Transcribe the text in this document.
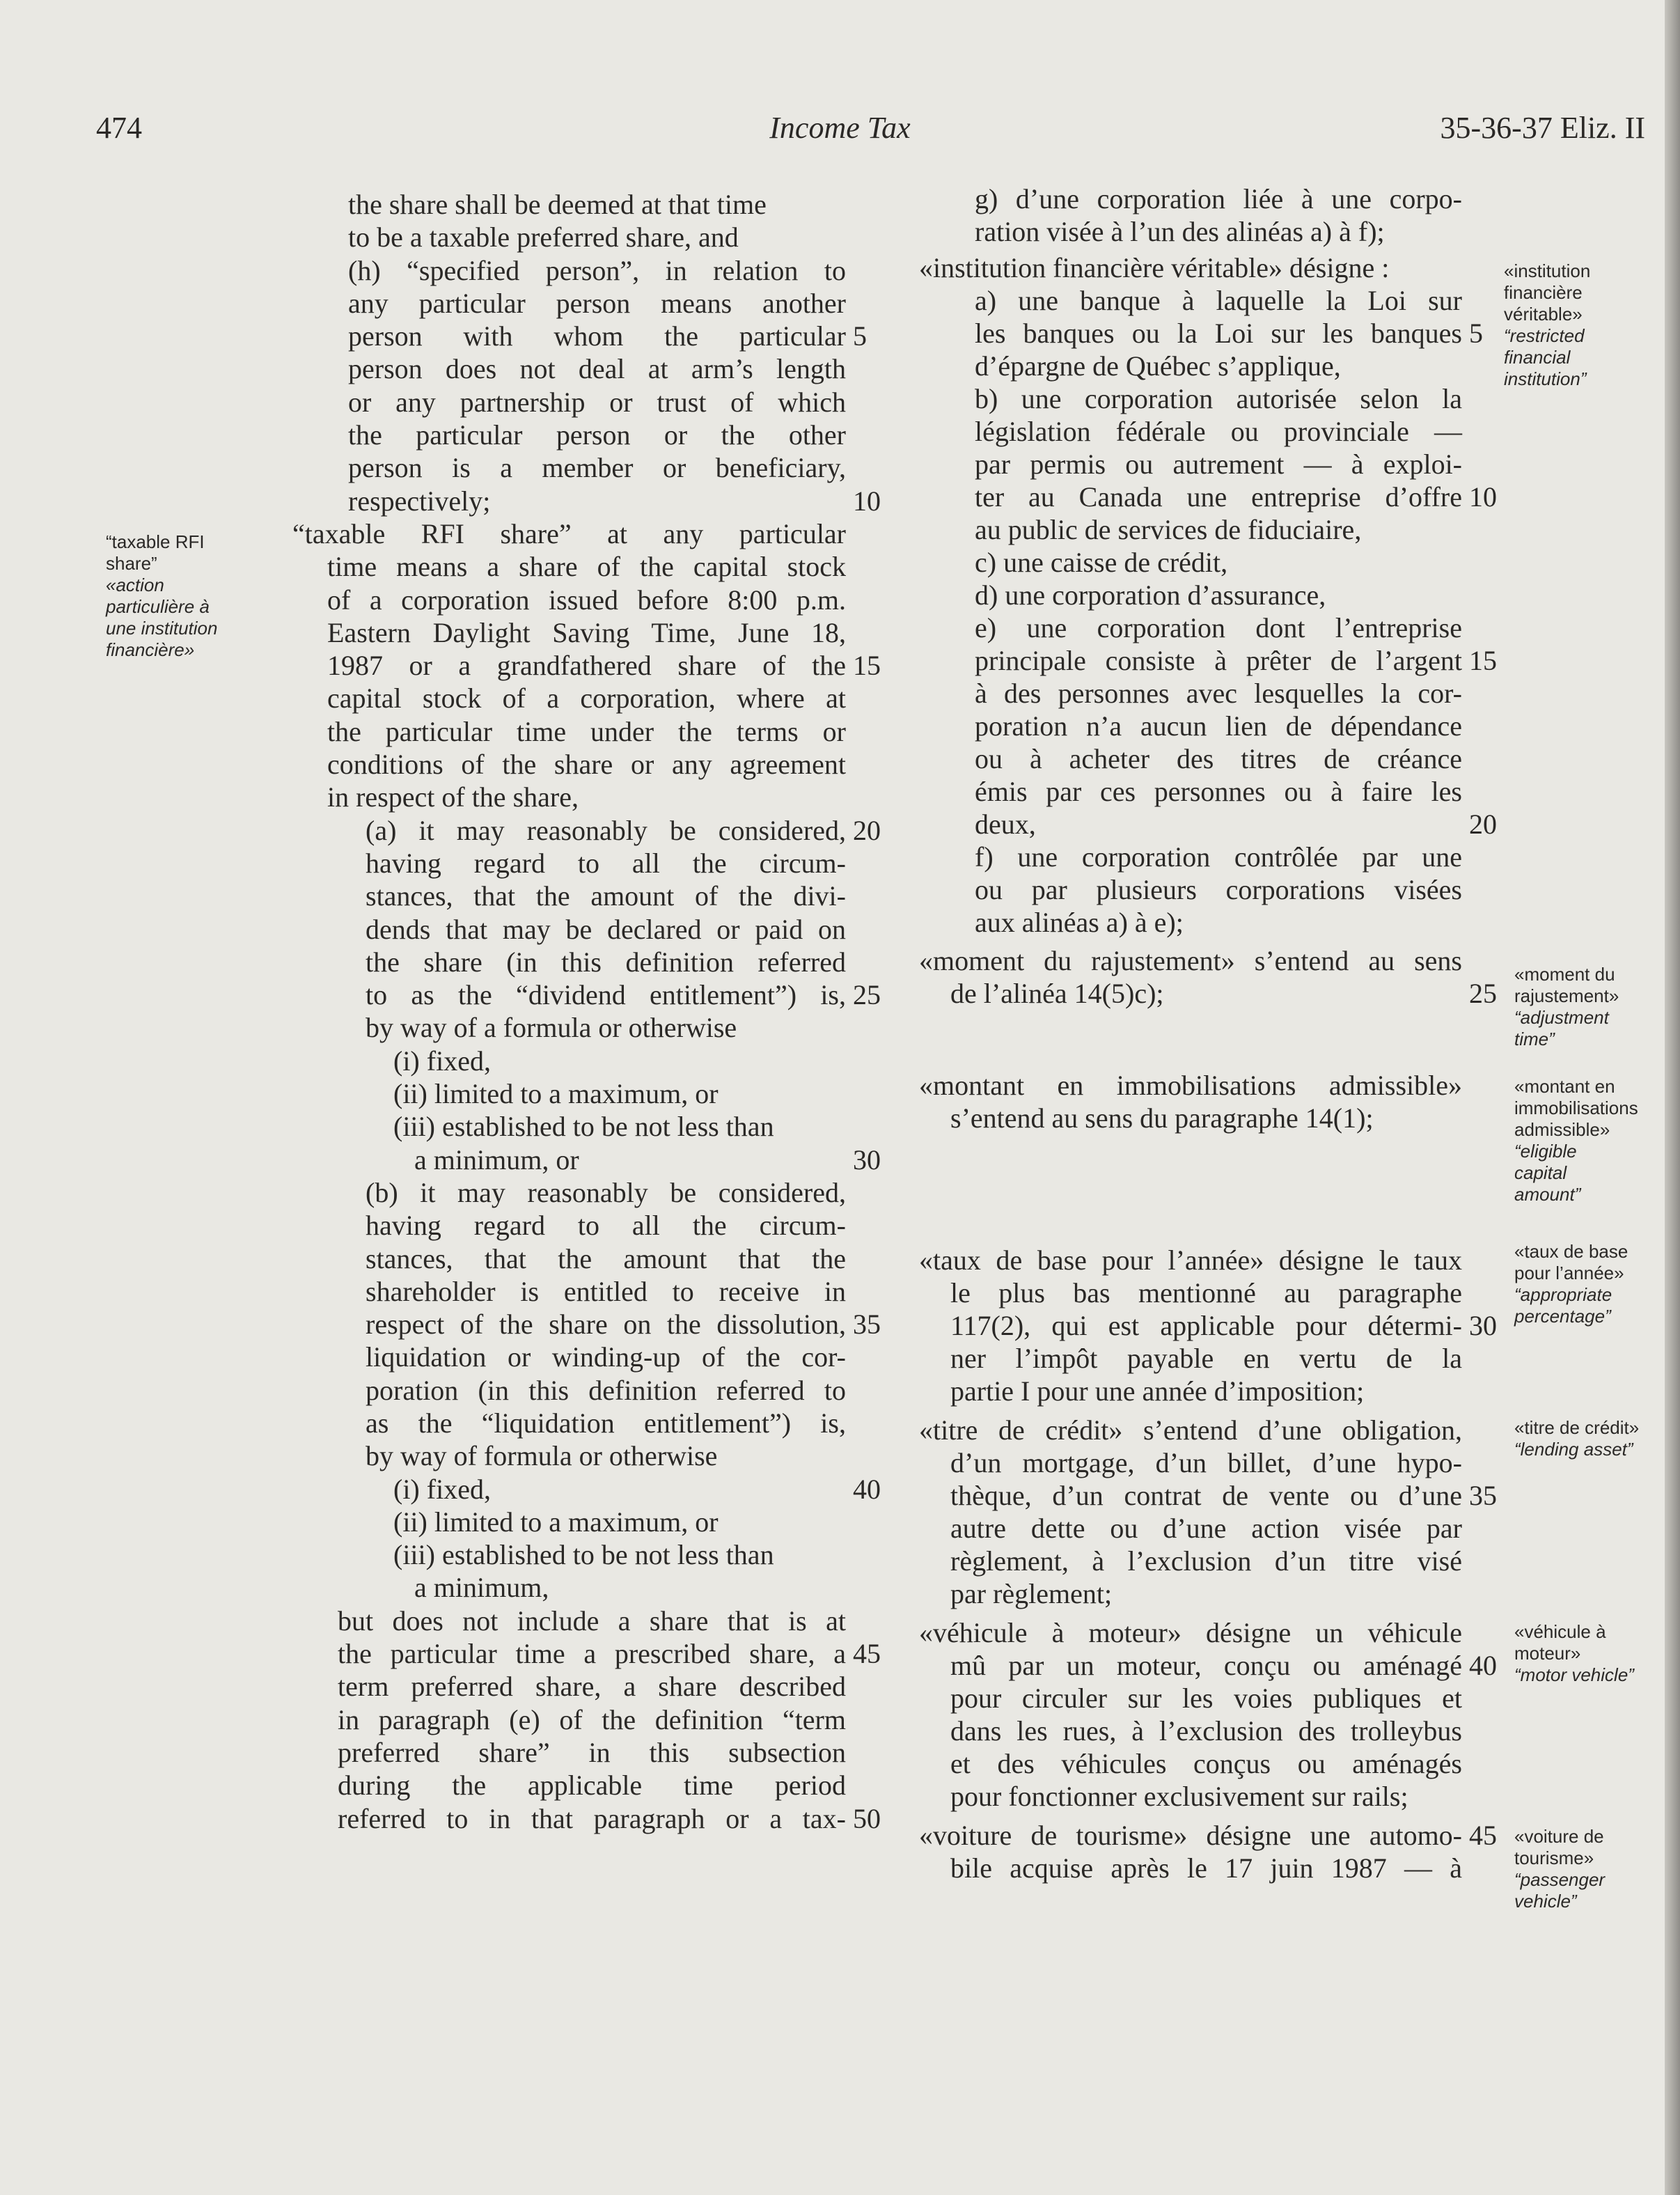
474	Income Tax	35-36-37 Eliz. II
the share shall be deemed at that time
to be a taxable preferred share, and
(h) “specified person”, in relation to
any particular person means another
person with whom the particular 5
person does not deal at arm’s length
or any partnership or trust of which
the particular person or the other
person is a member or beneficiary,
respectively;	10
“taxable RFI share” at any particular
time means a share of the capital stock
of a corporation issued before 8:00 p.m.
Eastern Daylight Saving Time, June 18,
1987 or a grandfathered share of the 15
capital stock of a corporation, where at
the particular time under the terms or
conditions of the share or any agreement
in respect of the share,
(a) it may reasonably be considered, 20
having regard to all the circum-
stances, that the amount of the divi-
dends that may be declared or paid on
the share (in this definition referred
to as the “dividend entitlement”) is, 25
by way of a formula or otherwise
(i) fixed,
(ii) limited to a maximum, or
(iii) established to be not less than
a minimum, or	30
(b) it may reasonably be considered,
having regard to all the circum-
stances, that the amount that the
shareholder is entitled to receive in
respect of the share on the dissolution, 35
liquidation or winding-up of the cor-
poration (in this definition referred to
as the “liquidation entitlement”) is,
by way of formula or otherwise
(i) fixed,	40
(ii) limited to a maximum, or
(iii) established to be not less than
a minimum,
but does not include a share that is at
the particular time a prescribed share, a 45
term preferred share, a share described
in paragraph (e) of the definition “term
preferred share” in this subsection
during the applicable time period
referred to in that paragraph or a tax- 50
g) d’une corporation liée à une corpo-
ration visée à l’un des alinéas a) à f);
«institution financière véritable» désigne :
a) une banque à laquelle la Loi sur
les banques ou la Loi sur les banques 5
d’épargne de Québec s’applique,
b) une corporation autorisée selon la
législation fédérale ou provinciale —
par permis ou autrement — à exploi-
ter au Canada une entreprise d’offre 10
au public de services de fiduciaire,
c) une caisse de crédit,
d) une corporation d’assurance,
e) une corporation dont l’entreprise
principale consiste à prêter de l’argent 15
à des personnes avec lesquelles la cor-
poration n’a aucun lien de dépendance
ou à acheter des titres de créance
émis par ces personnes ou à faire les
deux,	20
f) une corporation contrôlée par une
ou par plusieurs corporations visées
aux alinéas a) à e);
«moment du rajustement» s’entend au sens
de l’alinéa 14(5)c);	25
«montant en immobilisations admissible»
s’entend au sens du paragraphe 14(1);
«taux de base pour l’année» désigne le taux
le plus bas mentionné au paragraphe
117(2), qui est applicable pour détermi- 30
ner l’impôt payable en vertu de la
partie I pour une année d’imposition;
«titre de crédit» s’entend d’une obligation,
d’un mortgage, d’un billet, d’une hypo-
thèque, d’un contrat de vente ou d’une 35
autre dette ou d’une action visée par
règlement, à l’exclusion d’un titre visé
par règlement;
«véhicule à moteur» désigne un véhicule
mû par un moteur, conçu ou aménagé 40
pour circuler sur les voies publiques et
dans les rues, à l’exclusion des trolleybus
et des véhicules conçus ou aménagés
pour fonctionner exclusivement sur rails;
«voiture de tourisme» désigne une automo- 45
bile acquise après le 17 juin 1987 — à
“taxable RFI
share”
«action
particulière à
une institution
financière»
«institution
financière
véritable»
“restricted
financial
institution”
«moment du
rajustement»
“adjustment
time”
«montant en
immobilisations
admissible»
“eligible
capital
amount”
«taux de base
pour l’année»
“appropriate
percentage”
«titre de crédit»
“lending asset”
«véhicule à
moteur»
“motor vehicle”
«voiture de
tourisme»
“passenger
vehicle”
